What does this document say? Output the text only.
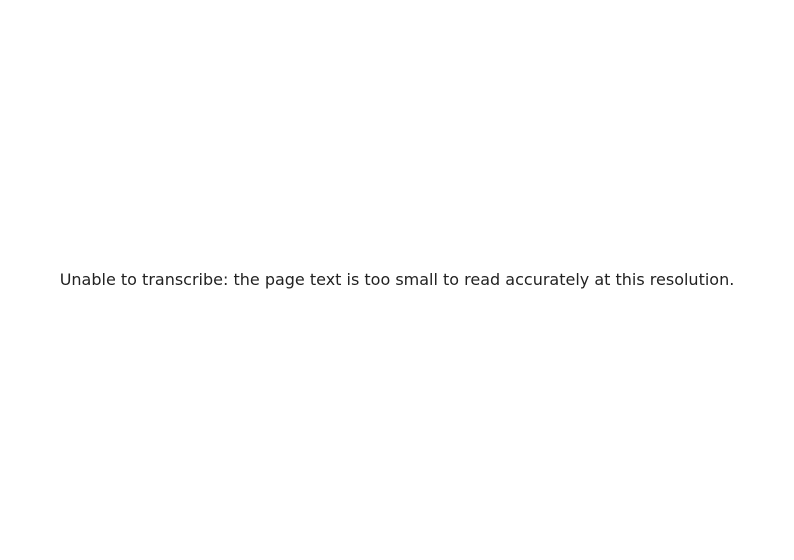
Unable to transcribe: the page text is too small to read accurately at this resolution.
